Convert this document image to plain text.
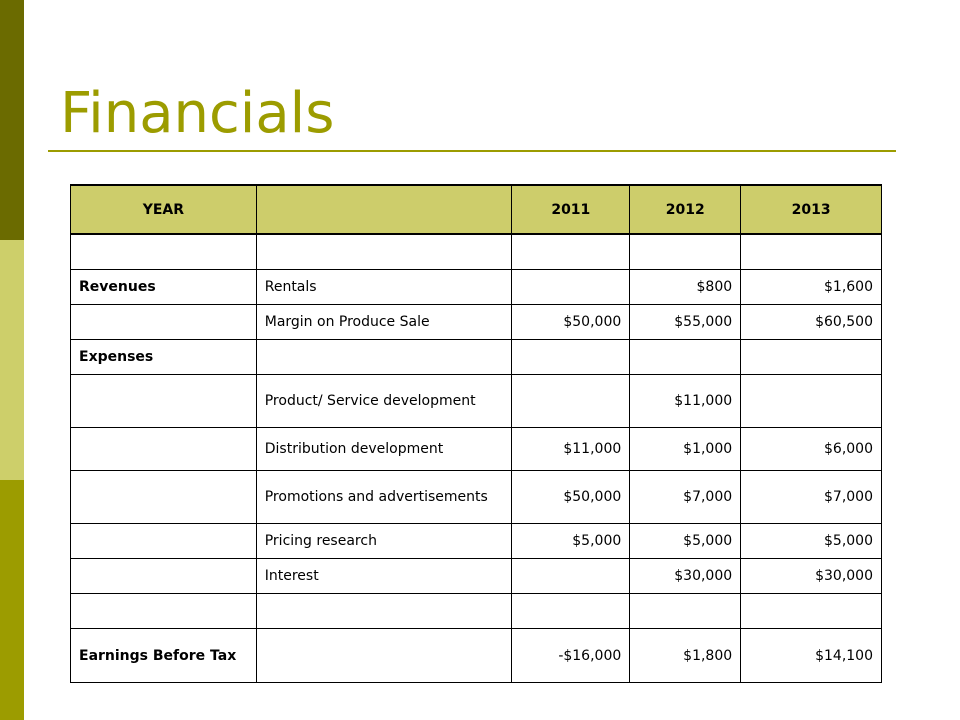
Financials
YEAR		2011	2012	2013

Revenues	Rentals		$800	$1,600
	Margin on Produce Sale	$50,000	$55,000	$60,500
Expenses				
	Product/ Service development		$11,000	
	Distribution development	$11,000	$1,000	$6,000
	Promotions and advertisements	$50,000	$7,000	$7,000
	Pricing research	$5,000	$5,000	$5,000
	Interest		$30,000	$30,000

Earnings Before Tax		-$16,000	$1,800	$14,100
